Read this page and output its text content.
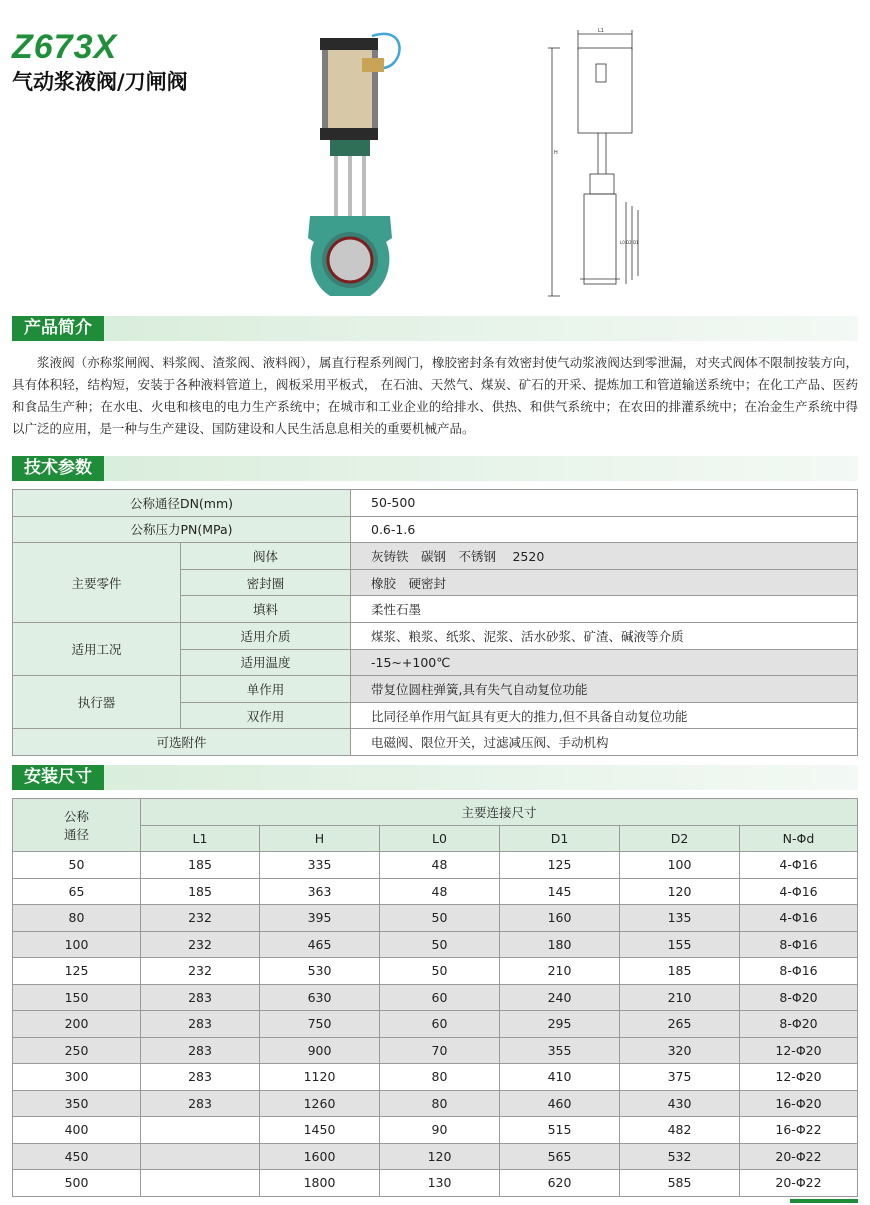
Z673X
气动浆液阀/刀闸阀
L1
H
L0 D2 D1
产品简介
浆液阀（亦称浆闸阀、料浆阀、渣浆阀、液料阀），属直行程系列阀门，橡胶密封条有效密封使气动浆液阀达到零泄漏，对夹式阀体不限制按装方向，具有体积轻，结构短，安装于各种液料管道上，阀板采用平板式， 在石油、天然气、煤炭、矿石的开采、提炼加工和管道输送系统中；在化工产品、医药和食品生产种；在水电、火电和核电的电力生产系统中；在城市和工业企业的给排水、供热、和供气系统中；在农田的排灌系统中；在冶金生产系统中得以广泛的应用，是一种与生产建设、国防建设和人民生活息息相关的重要机械产品。
技术参数
公称通径DN(mm)		50-500
公称压力PN(MPa)		0.6-1.6
主要零件	阀体	灰铸铁　碳钢　不锈钢　 2520
	密封圈	橡胶　硬密封
	填料	柔性石墨
适用工况	适用介质	煤浆、粮浆、纸浆、泥浆、活水砂浆、矿渣、碱液等介质
	适用温度	-15~+100℃
执行器	单作用	带复位圆柱弹簧,具有失气自动复位功能
	双作用	比同径单作用气缸具有更大的推力,但不具备自动复位功能
可选附件		电磁阀、限位开关，过滤减压阀、手动机构
安装尺寸
公称
通径	主要连接尺寸					
	L1	H	L0	D1	D2	N-Φd
50	185	335	48	125	100	4-Φ16
65	185	363	48	145	120	4-Φ16
80	232	395	50	160	135	4-Φ16
100	232	465	50	180	155	8-Φ16
125	232	530	50	210	185	8-Φ16
150	283	630	60	240	210	8-Φ20
200	283	750	60	295	265	8-Φ20
250	283	900	70	355	320	12-Φ20
300	283	1120	80	410	375	12-Φ20
350	283	1260	80	460	430	16-Φ20
400		1450	90	515	482	16-Φ22
450		1600	120	565	532	20-Φ22
500		1800	130	620	585	20-Φ22
